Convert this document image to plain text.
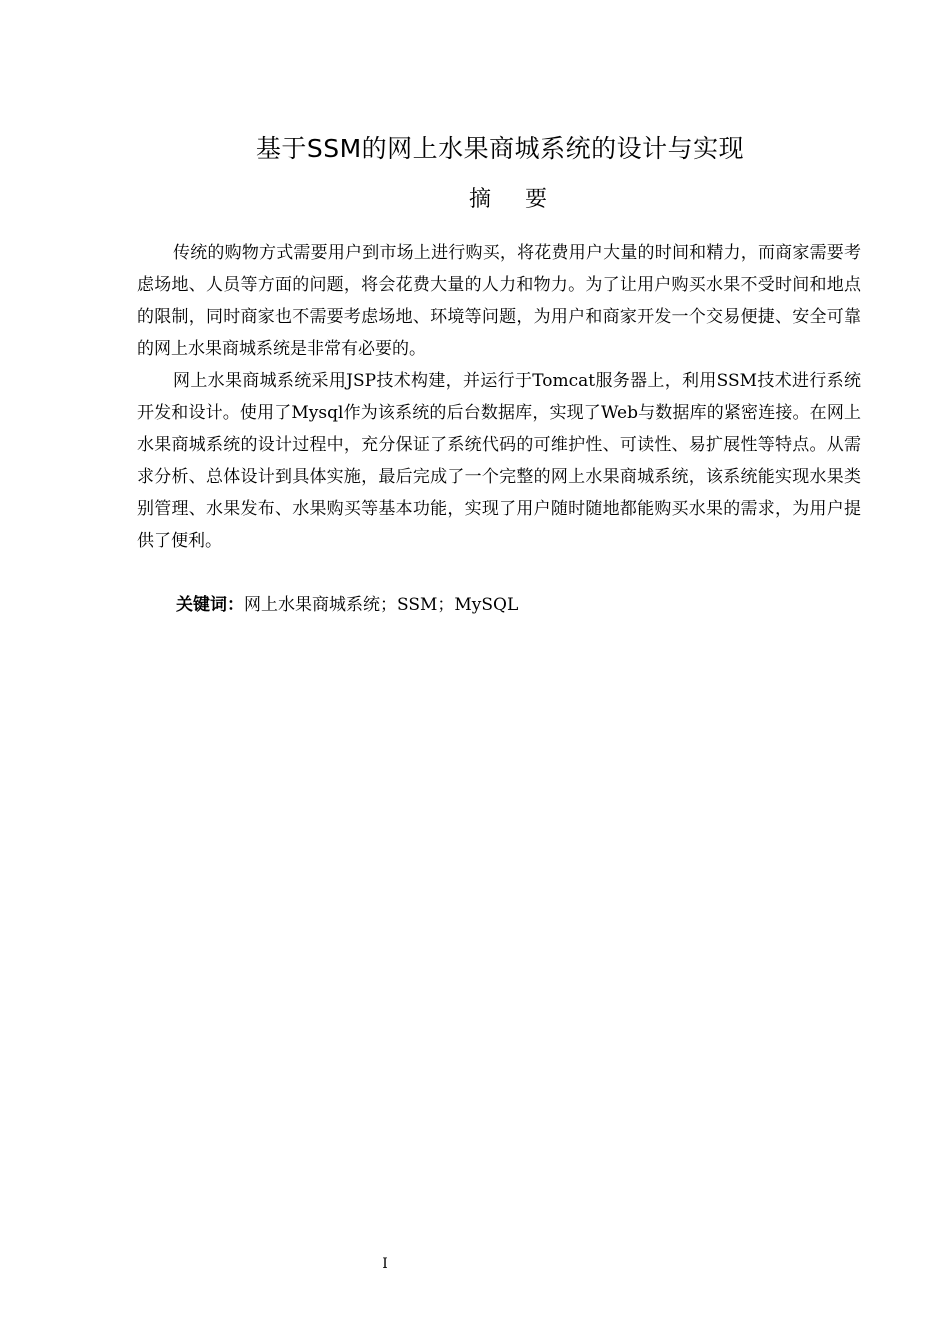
基于SSM的网上水果商城系统的设计与实现
摘要

传统的购物方式需要用户到市场上进行购买，将花费用户大量的时间和精力，而商家需要考虑场地、人员等方面的问题，将会花费大量的人力和物力。为了让用户购买水果不受时间和地点的限制，同时商家也不需要考虑场地、环境等问题，为用户和商家开发一个交易便捷、安全可靠的网上水果商城系统是非常有必要的。

网上水果商城系统采用JSP技术构建，并运行于Tomcat服务器上，利用SSM技术进行系统开发和设计。使用了Mysql作为该系统的后台数据库，实现了Web与数据库的紧密连接。在网上水果商城系统的设计过程中，充分保证了系统代码的可维护性、可读性、易扩展性等特点。从需求分析、总体设计到具体实施，最后完成了一个完整的网上水果商城系统，该系统能实现水果类别管理、水果发布、水果购买等基本功能，实现了用户随时随地都能购买水果的需求，为用户提供了便利。

关键词：网上水果商城系统；SSM；MySQL
I
